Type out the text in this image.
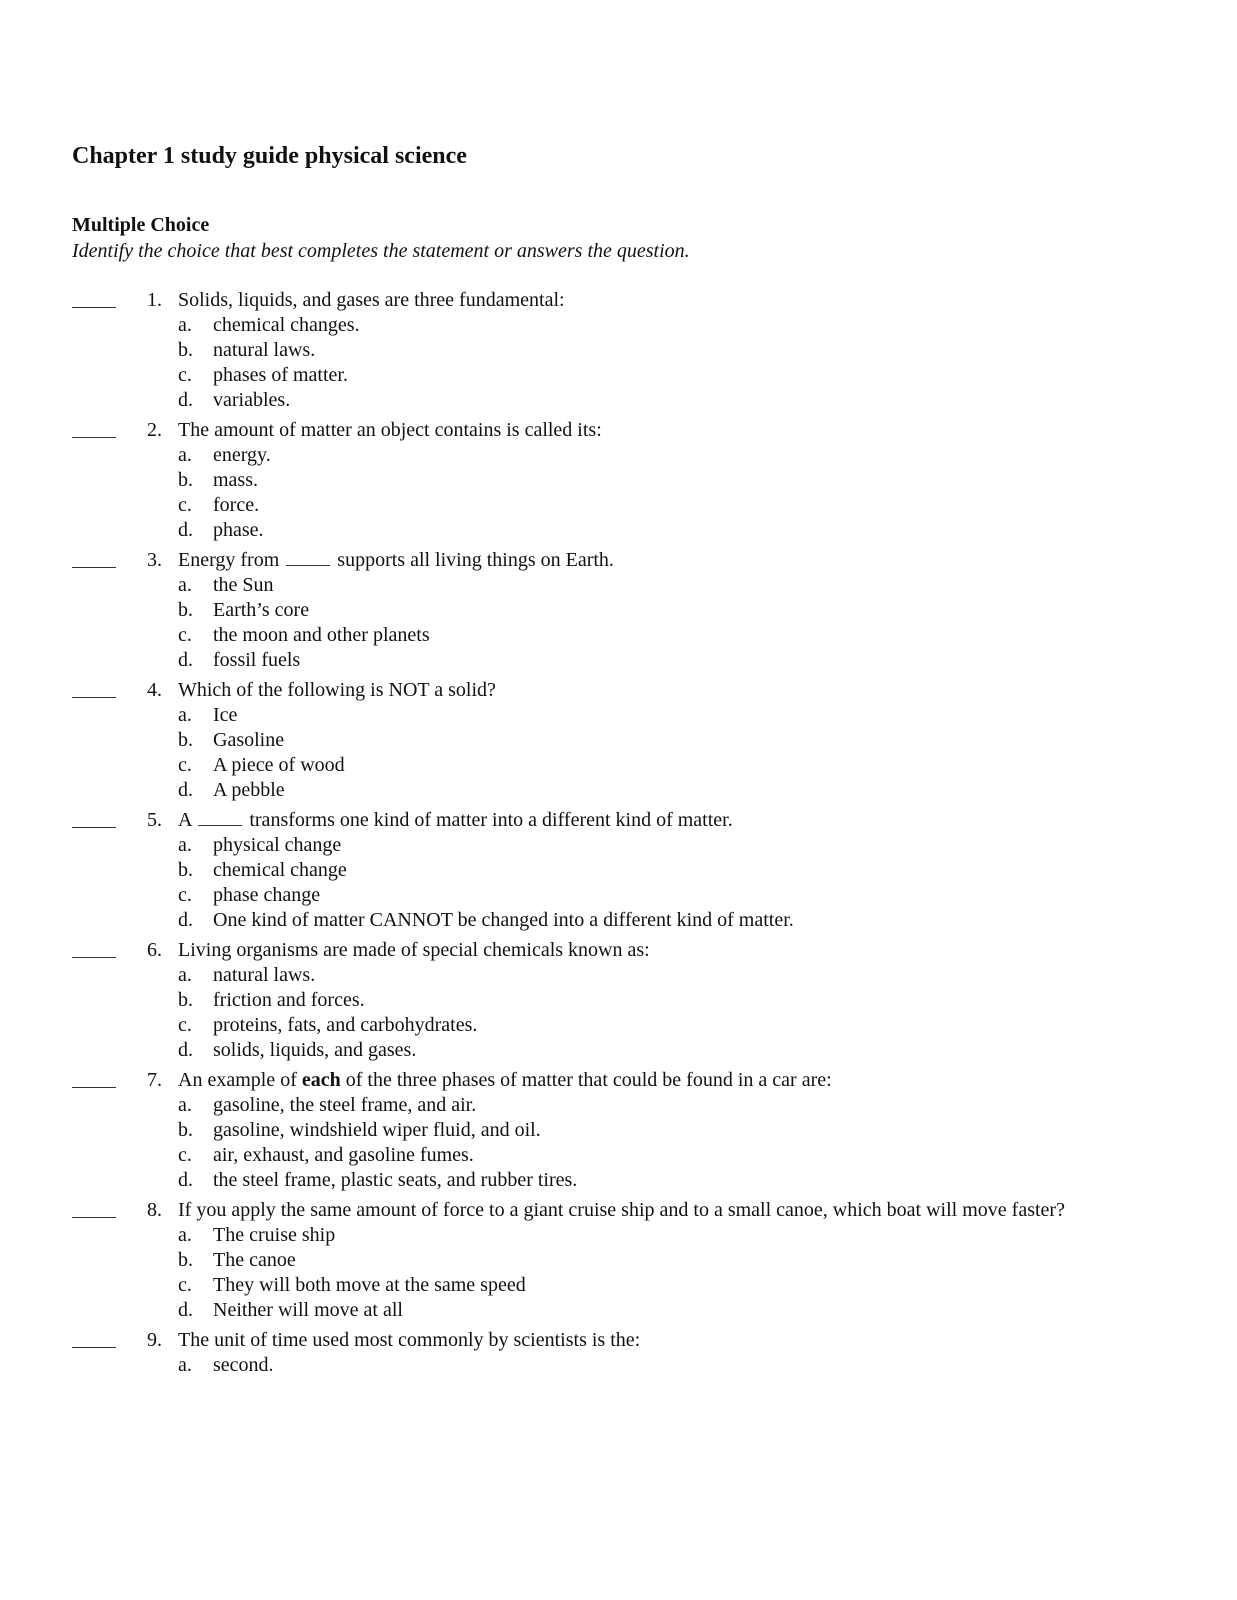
Chapter 1 study guide physical science
Multiple Choice

Identify the choice that best completes the statement or answers the question.

1. Solids, liquids, and gases are three fundamental:
a. chemical changes.
b. natural laws.
c. phases of matter.
d. variables.
2. The amount of matter an object contains is called its:
a. energy.
b. mass.
c. force.
d. phase.
3. Energy from	supports all living things on Earth.
a. the Sun
b. Earth’s core
c. the moon and other planets
d. fossil fuels
4. Which of the following is NOT a solid?
a. Ice
b. Gasoline
c. A piece of wood
d. A pebble
5. A	transforms one kind of matter into a different kind of matter.
a. physical change
b. chemical change
c. phase change
d. One kind of matter CANNOT be changed into a different kind of matter.
6. Living organisms are made of special chemicals known as:
a. natural laws.
b. friction and forces.
c. proteins, fats, and carbohydrates.
d. solids, liquids, and gases.
7. An example of each of the three phases of matter that could be found in a car are:
a. gasoline, the steel frame, and air.
b. gasoline, windshield wiper fluid, and oil.
c. air, exhaust, and gasoline fumes.
d. the steel frame, plastic seats, and rubber tires.
8. If you apply the same amount of force to a giant cruise ship and to a small canoe, which boat will move faster?
a. The cruise ship
b. The canoe
c. They will both move at the same speed
d. Neither will move at all
9. The unit of time used most commonly by scientists is the:
a. second.
